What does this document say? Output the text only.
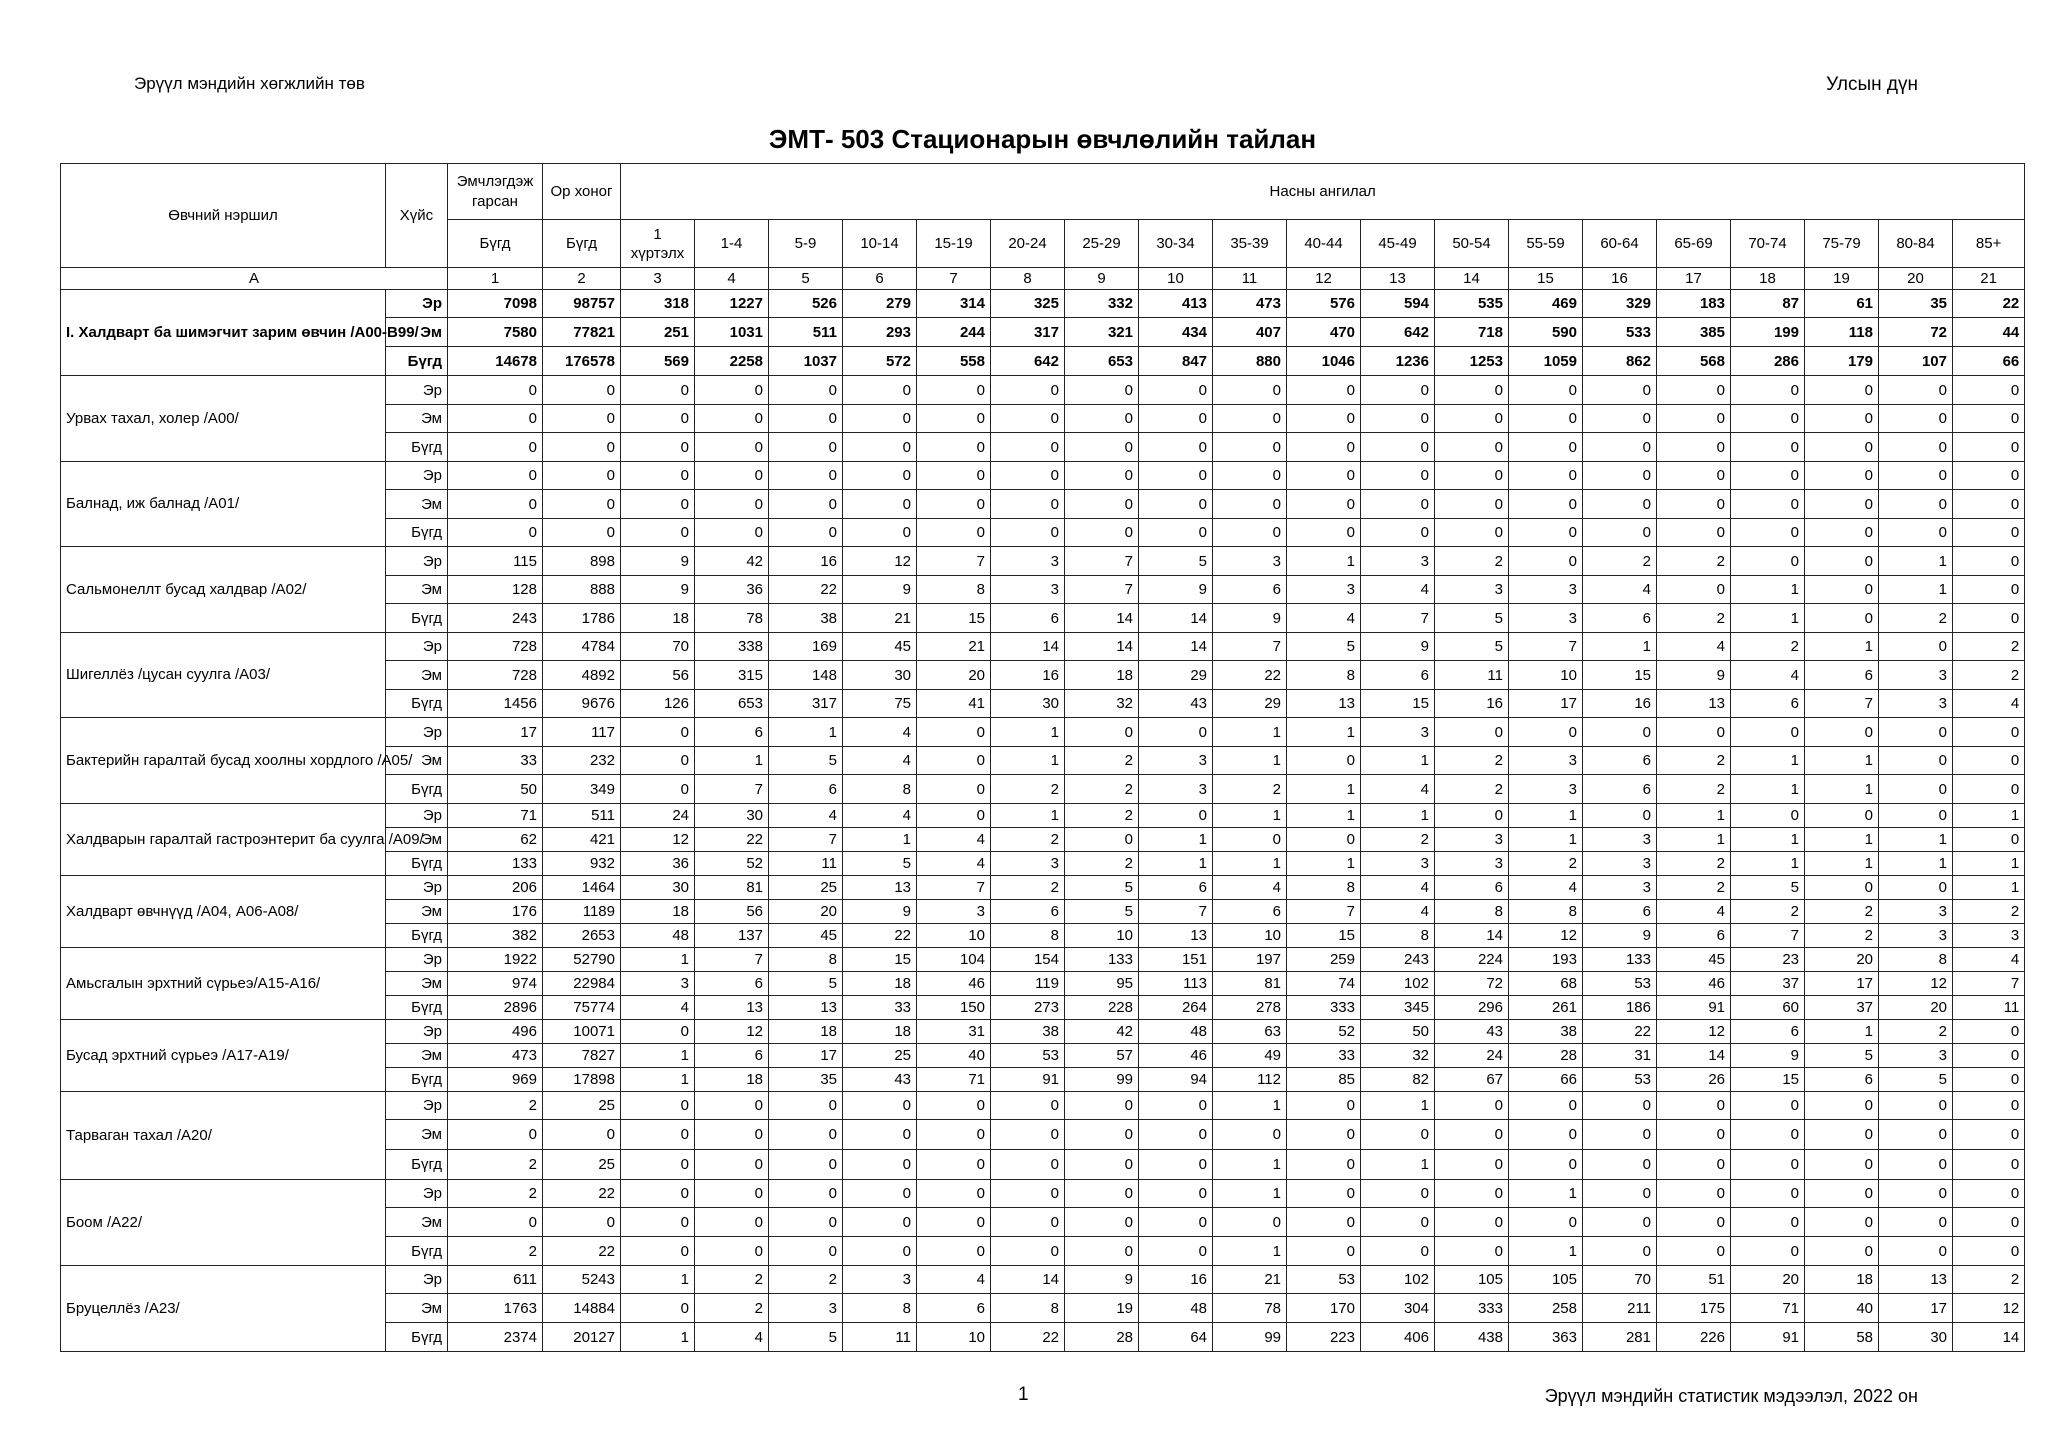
Эрүүл мэндийн хөгжлийн төв	Улсын дүн
ЭМТ- 503 Стационарын өвчлөлийн тайлан
Өвчний нэршил	Хүйс	Эмчлэгдэж гарсан	Ор хоног	Насны ангилал																		
		Бүгд	Бүгд	1 хүртэлх	1-4	5-9	10-14	15-19	20-24	25-29	30-34	35-39	40-44	45-49	50-54	55-59	60-64	65-69	70-74	75-79	80-84	85+
А		1	2	3	4	5	6	7	8	9	10	11	12	13	14	15	16	17	18	19	20	21
I. Халдварт ба шимэгчит зарим өвчин /А00-В99/	Эр	7098	98757	318	1227	526	279	314	325	332	413	473	576	594	535	469	329	183	87	61	35	22
	Эм	7580	77821	251	1031	511	293	244	317	321	434	407	470	642	718	590	533	385	199	118	72	44
	Бүгд	14678	176578	569	2258	1037	572	558	642	653	847	880	1046	1236	1253	1059	862	568	286	179	107	66
Урвах тахал, холер /А00/	Эр	0	0	0	0	0	0	0	0	0	0	0	0	0	0	0	0	0	0	0	0	0
	Эм	0	0	0	0	0	0	0	0	0	0	0	0	0	0	0	0	0	0	0	0	0
	Бүгд	0	0	0	0	0	0	0	0	0	0	0	0	0	0	0	0	0	0	0	0	0
Балнад, иж балнад /А01/	Эр	0	0	0	0	0	0	0	0	0	0	0	0	0	0	0	0	0	0	0	0	0
	Эм	0	0	0	0	0	0	0	0	0	0	0	0	0	0	0	0	0	0	0	0	0
	Бүгд	0	0	0	0	0	0	0	0	0	0	0	0	0	0	0	0	0	0	0	0	0
Сальмонеллт бусад халдвар /А02/	Эр	115	898	9	42	16	12	7	3	7	5	3	1	3	2	0	2	2	0	0	1	0
	Эм	128	888	9	36	22	9	8	3	7	9	6	3	4	3	3	4	0	1	0	1	0
	Бүгд	243	1786	18	78	38	21	15	6	14	14	9	4	7	5	3	6	2	1	0	2	0
Шигеллёз /цусан суулга /А03/	Эр	728	4784	70	338	169	45	21	14	14	14	7	5	9	5	7	1	4	2	1	0	2
	Эм	728	4892	56	315	148	30	20	16	18	29	22	8	6	11	10	15	9	4	6	3	2
	Бүгд	1456	9676	126	653	317	75	41	30	32	43	29	13	15	16	17	16	13	6	7	3	4
Бактерийн гаралтай бусад хоолны хордлого /А05/	Эр	17	117	0	6	1	4	0	1	0	0	1	1	3	0	0	0	0	0	0	0	0
	Эм	33	232	0	1	5	4	0	1	2	3	1	0	1	2	3	6	2	1	1	0	0
	Бүгд	50	349	0	7	6	8	0	2	2	3	2	1	4	2	3	6	2	1	1	0	0
Халдварын гаралтай гастроэнтерит ба суулга /А09/	Эр	71	511	24	30	4	4	0	1	2	0	1	1	1	0	1	0	1	0	0	0	1
	Эм	62	421	12	22	7	1	4	2	0	1	0	0	2	3	1	3	1	1	1	1	0
	Бүгд	133	932	36	52	11	5	4	3	2	1	1	1	3	3	2	3	2	1	1	1	1
Халдварт өвчнүүд /А04, А06-А08/	Эр	206	1464	30	81	25	13	7	2	5	6	4	8	4	6	4	3	2	5	0	0	1
	Эм	176	1189	18	56	20	9	3	6	5	7	6	7	4	8	8	6	4	2	2	3	2
	Бүгд	382	2653	48	137	45	22	10	8	10	13	10	15	8	14	12	9	6	7	2	3	3
Амьсгалын эрхтний сүрьеэ/А15-А16/	Эр	1922	52790	1	7	8	15	104	154	133	151	197	259	243	224	193	133	45	23	20	8	4
	Эм	974	22984	3	6	5	18	46	119	95	113	81	74	102	72	68	53	46	37	17	12	7
	Бүгд	2896	75774	4	13	13	33	150	273	228	264	278	333	345	296	261	186	91	60	37	20	11
Бусад эрхтний сүрьеэ /А17-А19/	Эр	496	10071	0	12	18	18	31	38	42	48	63	52	50	43	38	22	12	6	1	2	0
	Эм	473	7827	1	6	17	25	40	53	57	46	49	33	32	24	28	31	14	9	5	3	0
	Бүгд	969	17898	1	18	35	43	71	91	99	94	112	85	82	67	66	53	26	15	6	5	0
Тарваган тахал /А20/	Эр	2	25	0	0	0	0	0	0	0	0	1	0	1	0	0	0	0	0	0	0	0
	Эм	0	0	0	0	0	0	0	0	0	0	0	0	0	0	0	0	0	0	0	0	0
	Бүгд	2	25	0	0	0	0	0	0	0	0	1	0	1	0	0	0	0	0	0	0	0
Боом /А22/	Эр	2	22	0	0	0	0	0	0	0	0	1	0	0	0	1	0	0	0	0	0	0
	Эм	0	0	0	0	0	0	0	0	0	0	0	0	0	0	0	0	0	0	0	0	0
	Бүгд	2	22	0	0	0	0	0	0	0	0	1	0	0	0	1	0	0	0	0	0	0
Бруцеллёз /А23/	Эр	611	5243	1	2	2	3	4	14	9	16	21	53	102	105	105	70	51	20	18	13	2
	Эм	1763	14884	0	2	3	8	6	8	19	48	78	170	304	333	258	211	175	71	40	17	12
	Бүгд	2374	20127	1	4	5	11	10	22	28	64	99	223	406	438	363	281	226	91	58	30	14
1	Эрүүл мэндийн статистик мэдээлэл, 2022 он
